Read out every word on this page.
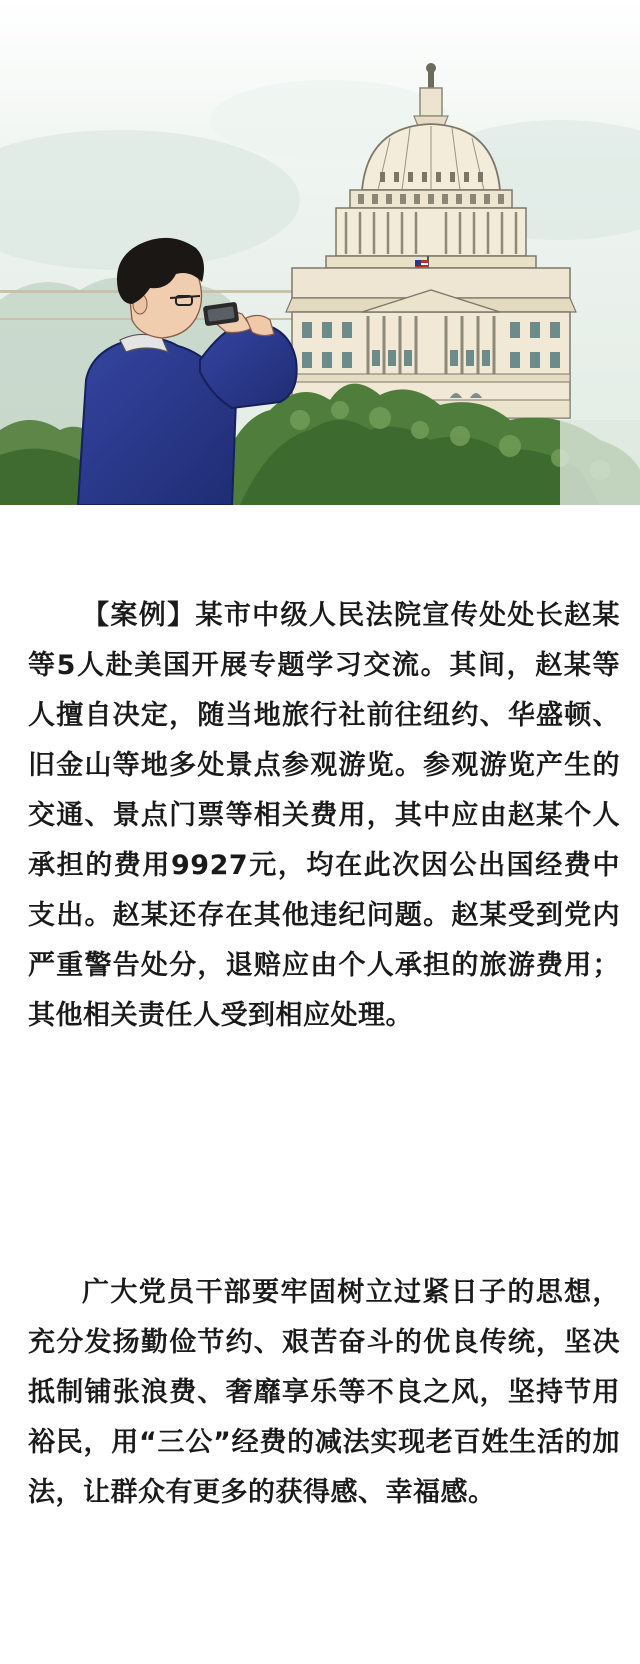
【案例】某市中级人民法院宣传处处长赵某等5人赴美国开展专题学习交流。其间，赵某等人擅自决定，随当地旅行社前往纽约、华盛顿、旧金山等地多处景点参观游览。参观游览产生的交通、景点门票等相关费用，其中应由赵某个人承担的费用9927元，均在此次因公出国经费中支出。赵某还存在其他违纪问题。赵某受到党内严重警告处分，退赔应由个人承担的旅游费用；其他相关责任人受到相应处理。
广大党员干部要牢固树立过紧日子的思想，充分发扬勤俭节约、艰苦奋斗的优良传统，坚决抵制铺张浪费、奢靡享乐等不良之风，坚持节用裕民，用“三公”经费的减法实现老百姓生活的加法，让群众有更多的获得感、幸福感。
